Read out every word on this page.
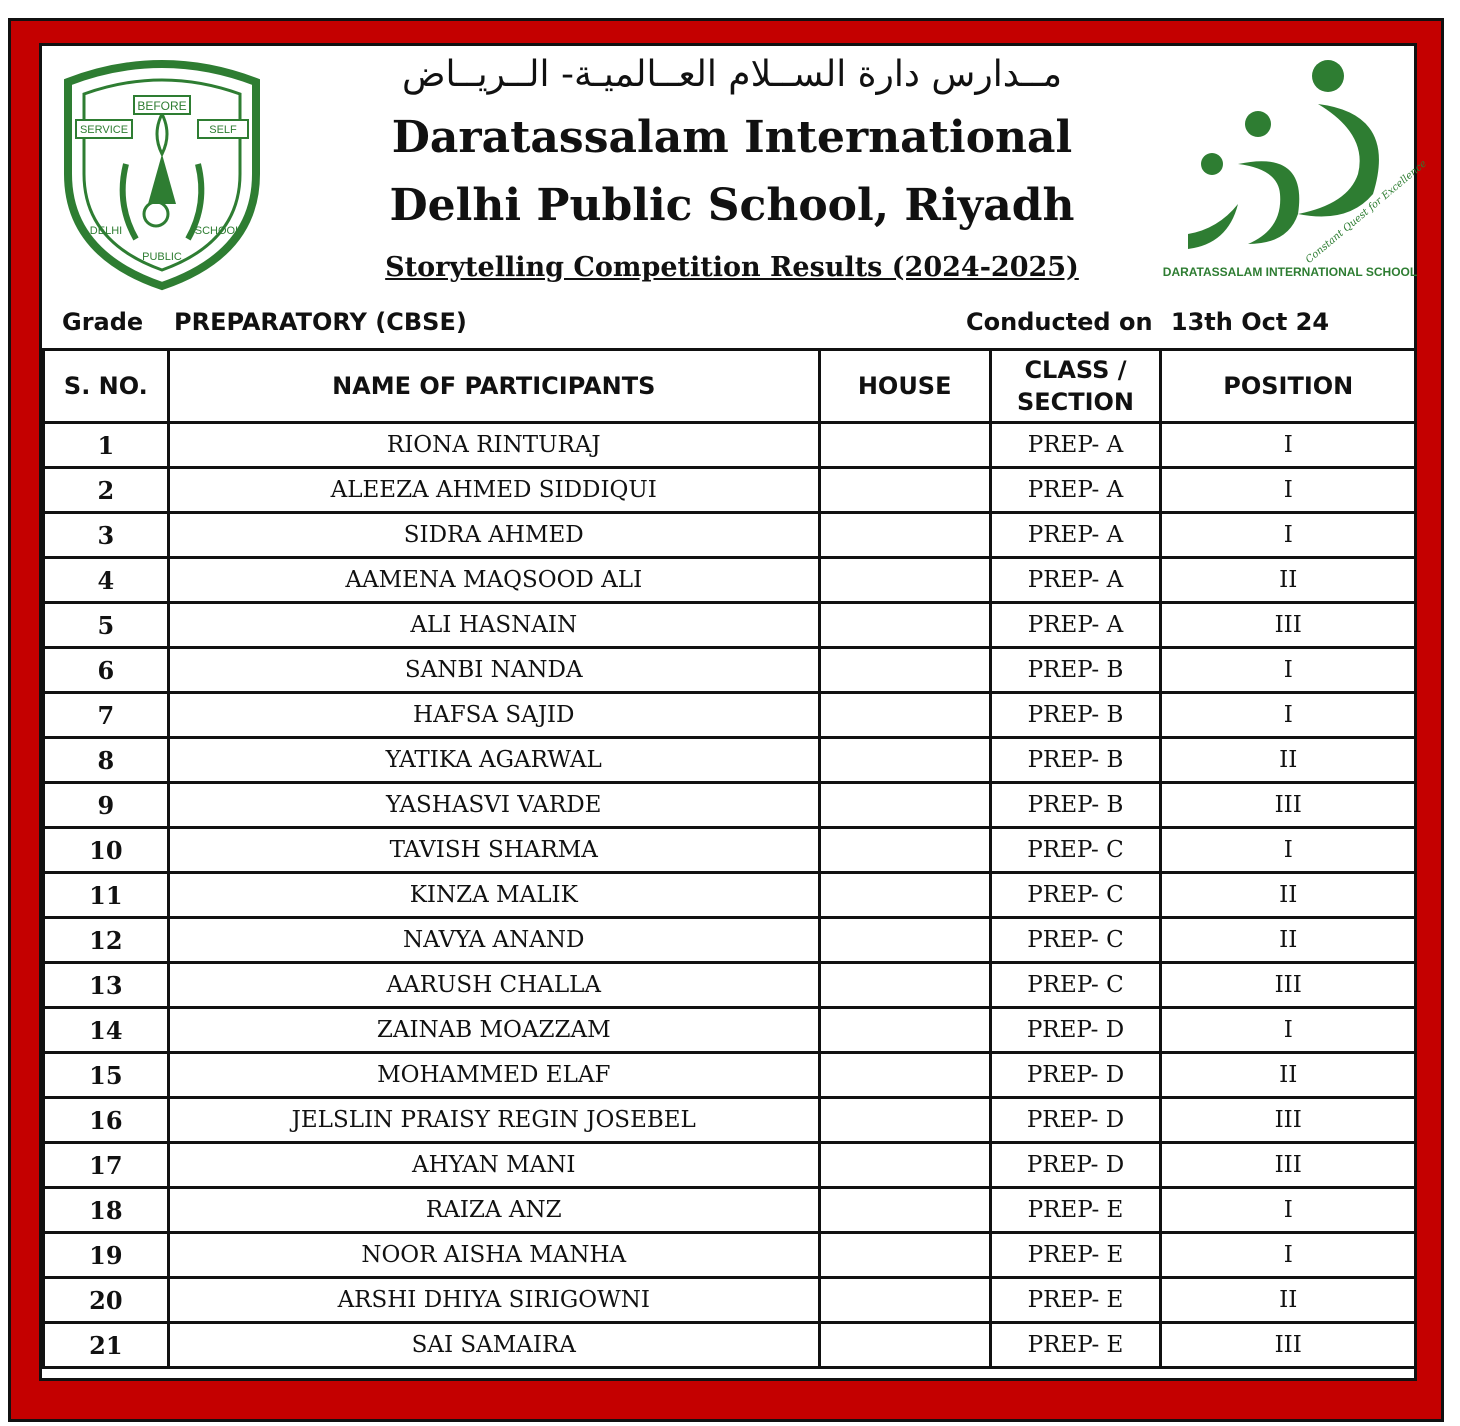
BEFORE
SERVICE	SELF
DELHI
PUBLIC
SCHOOL
مــدارس دارة الســلام العــالميـة- الــريــاض
Daratassalam International
Delhi Public School, Riyadh
Storytelling Competition Results (2024-2025)
Constant Quest for Excellence
DARATASSALAM INTERNATIONAL SCHOOL
Grade PREPARATORY (CBSE)	Conducted on 13th Oct 24
S. NO.	NAME OF PARTICIPANTS	HOUSE	CLASS / SECTION	POSITION
1	RIONA RINTURAJ		PREP- A	I
2	ALEEZA AHMED SIDDIQUI		PREP- A	I
3	SIDRA AHMED		PREP- A	I
4	AAMENA MAQSOOD ALI		PREP- A	II
5	ALI HASNAIN		PREP- A	III
6	SANBI NANDA		PREP- B	I
7	HAFSA SAJID		PREP- B	I
8	YATIKA AGARWAL		PREP- B	II
9	YASHASVI VARDE		PREP- B	III
10	TAVISH SHARMA		PREP- C	I
11	KINZA MALIK		PREP- C	II
12	NAVYA ANAND		PREP- C	II
13	AARUSH CHALLA		PREP- C	III
14	ZAINAB MOAZZAM		PREP- D	I
15	MOHAMMED ELAF		PREP- D	II
16	JELSLIN PRAISY REGIN JOSEBEL		PREP- D	III
17	AHYAN MANI		PREP- D	III
18	RAIZA ANZ		PREP- E	I
19	NOOR AISHA MANHA		PREP- E	I
20	ARSHI DHIYA SIRIGOWNI		PREP- E	II
21	SAI SAMAIRA		PREP- E	III
